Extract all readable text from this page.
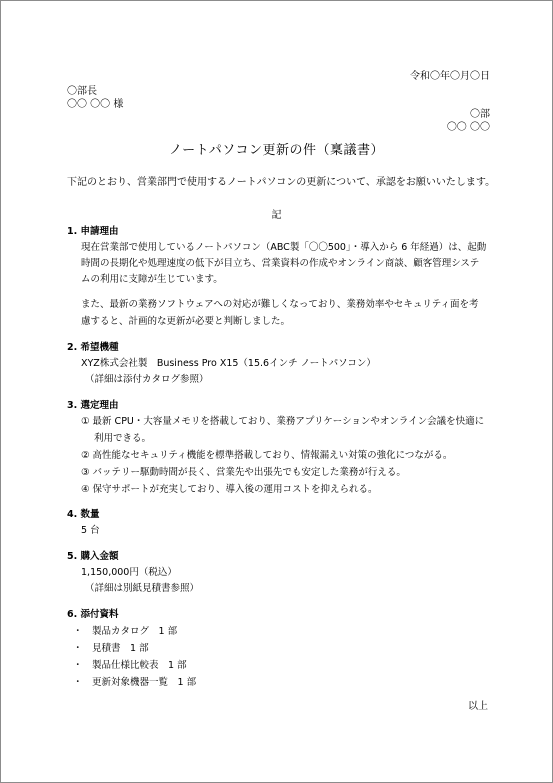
令和〇年〇月〇日
〇部長
〇〇 〇〇 様
〇部
〇〇 〇〇
ノートパソコン更新の件（稟議書）
下記のとおり、営業部門で使用するノートパソコンの更新について、承認をお願いいたします。
記
1. 申請理由
現在営業部で使用しているノートパソコン（ABC製「〇〇500」・導入から 6 年経過）は、起動
時間の長期化や処理速度の低下が目立ち、営業資料の作成やオンライン商談、顧客管理システ
ムの利用に支障が生じています。
また、最新の業務ソフトウェアへの対応が難しくなっており、業務効率やセキュリティ面を考
慮すると、計画的な更新が必要と判断しました。
2. 希望機種
XYZ株式会社製　Business Pro X15（15.6インチ ノートパソコン）
（詳細は添付カタログ参照）
3. 選定理由
① 最新 CPU・大容量メモリを搭載しており、業務アプリケーションやオンライン会議を快適に
利用できる。
② 高性能なセキュリティ機能を標準搭載しており、情報漏えい対策の強化につながる。
③ バッテリー駆動時間が長く、営業先や出張先でも安定した業務が行える。
④ 保守サポートが充実しており、導入後の運用コストを抑えられる。
4. 数量
5 台
5. 購入金額
1,150,000円（税込）
（詳細は別紙見積書参照）
6. 添付資料
・　製品カタログ　1 部
・　見積書　1 部
・　製品仕様比較表　1 部
・　更新対象機器一覧　1 部
以上
